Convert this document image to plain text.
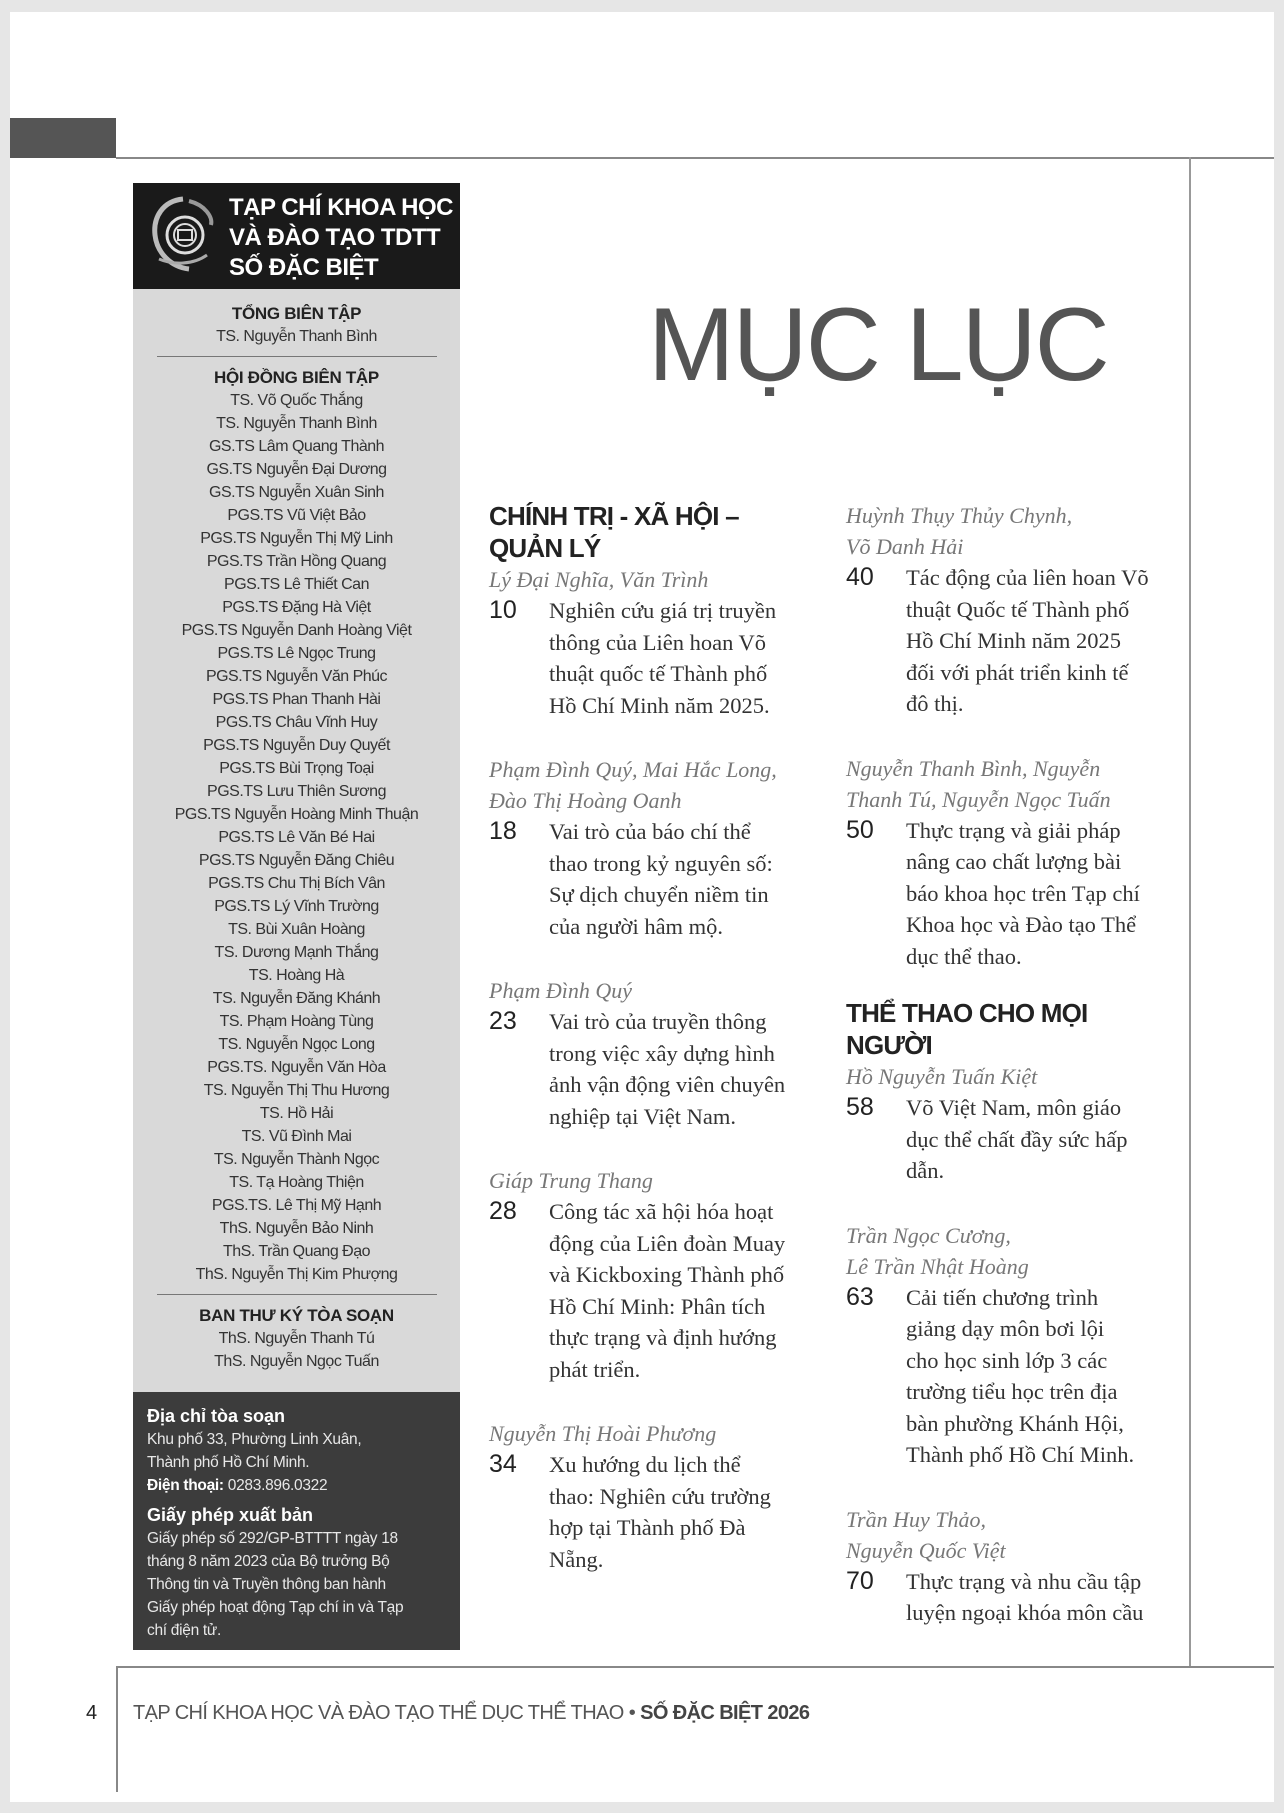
TẠP CHÍ KHOA HỌC
VÀ ĐÀO TẠO TDTT
SỐ ĐẶC BIỆT
TỔNG BIÊN TẬP
TS. Nguyễn Thanh Bình
HỘI ĐỒNG BIÊN TẬP
TS. Võ Quốc Thắng
TS. Nguyễn Thanh Bình
GS.TS Lâm Quang Thành
GS.TS Nguyễn Đại Dương
GS.TS Nguyễn Xuân Sinh
PGS.TS Vũ Việt Bảo
PGS.TS Nguyễn Thị Mỹ Linh
PGS.TS Trần Hồng Quang
PGS.TS Lê Thiết Can
PGS.TS Đặng Hà Việt
PGS.TS Nguyễn Danh Hoàng Việt
PGS.TS Lê Ngọc Trung
PGS.TS Nguyễn Văn Phúc
PGS.TS Phan Thanh Hài
PGS.TS Châu Vĩnh Huy
PGS.TS Nguyễn Duy Quyết
PGS.TS Bùi Trọng Toại
PGS.TS Lưu Thiên Sương
PGS.TS Nguyễn Hoàng Minh Thuận
PGS.TS Lê Văn Bé Hai
PGS.TS Nguyễn Đăng Chiêu
PGS.TS Chu Thị Bích Vân
PGS.TS Lý Vĩnh Trường
TS. Bùi Xuân Hoàng
TS. Dương Mạnh Thắng
TS. Hoàng Hà
TS. Nguyễn Đăng Khánh
TS. Phạm Hoàng Tùng
TS. Nguyễn Ngọc Long
PGS.TS. Nguyễn Văn Hòa
TS. Nguyễn Thị Thu Hương
TS. Hồ Hải
TS. Vũ Đình Mai
TS. Nguyễn Thành Ngọc
TS. Tạ Hoàng Thiện
PGS.TS. Lê Thị Mỹ Hạnh
ThS. Nguyễn Bảo Ninh
ThS. Trần Quang Đạo
ThS. Nguyễn Thị Kim Phượng
BAN THƯ KÝ TÒA SOẠN
ThS. Nguyễn Thanh Tú
ThS. Nguyễn Ngọc Tuấn
Địa chỉ tòa soạn
Khu phố 33, Phường Linh Xuân,
Thành phố Hồ Chí Minh.
Điện thoại: 0283.896.0322
Giấy phép xuất bản
Giấy phép số 292/GP-BTTTT ngày 18
tháng 8 năm 2023 của Bộ trưởng Bộ
Thông tin và Truyền thông ban hành
Giấy phép hoạt động Tạp chí in và Tạp
chí điện tử.
MỤC LỤC
CHÍNH TRỊ - XÃ HỘI –
QUẢN LÝ
Lý Đại Nghĩa, Văn Trình
10	Nghiên cứu giá trị truyền
thông của Liên hoan Võ
thuật quốc tế Thành phố
Hồ Chí Minh năm 2025.
Phạm Đình Quý, Mai Hắc Long,
Đào Thị Hoàng Oanh
18	Vai trò của báo chí thể
thao trong kỷ nguyên số:
Sự dịch chuyển niềm tin
của người hâm mộ.
Phạm Đình Quý
23	Vai trò của truyền thông
trong việc xây dựng hình
ảnh vận động viên chuyên
nghiệp tại Việt Nam.
Giáp Trung Thang
28	Công tác xã hội hóa hoạt
động của Liên đoàn Muay
và Kickboxing Thành phố
Hồ Chí Minh: Phân tích
thực trạng và định hướng
phát triển.
Nguyễn Thị Hoài Phương
34	Xu hướng du lịch thể
thao: Nghiên cứu trường
hợp tại Thành phố Đà
Nẵng.
Huỳnh Thụy Thủy Chynh,
Võ Danh Hải
40	Tác động của liên hoan Võ
thuật Quốc tế Thành phố
Hồ Chí Minh năm 2025
đối với phát triển kinh tế
đô thị.
Nguyễn Thanh Bình, Nguyễn
Thanh Tú, Nguyễn Ngọc Tuấn
50	Thực trạng và giải pháp
nâng cao chất lượng bài
báo khoa học trên Tạp chí
Khoa học và Đào tạo Thể
dục thể thao.
THỂ THAO CHO MỌI
NGƯỜI
Hồ Nguyễn Tuấn Kiệt
58	Võ Việt Nam, môn giáo
dục thể chất đầy sức hấp
dẫn.
Trần Ngọc Cương,
Lê Trần Nhật Hoàng
63	Cải tiến chương trình
giảng dạy môn bơi lội
cho học sinh lớp 3 các
trường tiểu học trên địa
bàn phường Khánh Hội,
Thành phố Hồ Chí Minh.
Trần Huy Thảo,
Nguyễn Quốc Việt
70	Thực trạng và nhu cầu tập
luyện ngoại khóa môn cầu
4 TẠP CHÍ KHOA HỌC VÀ ĐÀO TẠO THỂ DỤC THỂ THAO • SỐ ĐẶC BIỆT 2026
